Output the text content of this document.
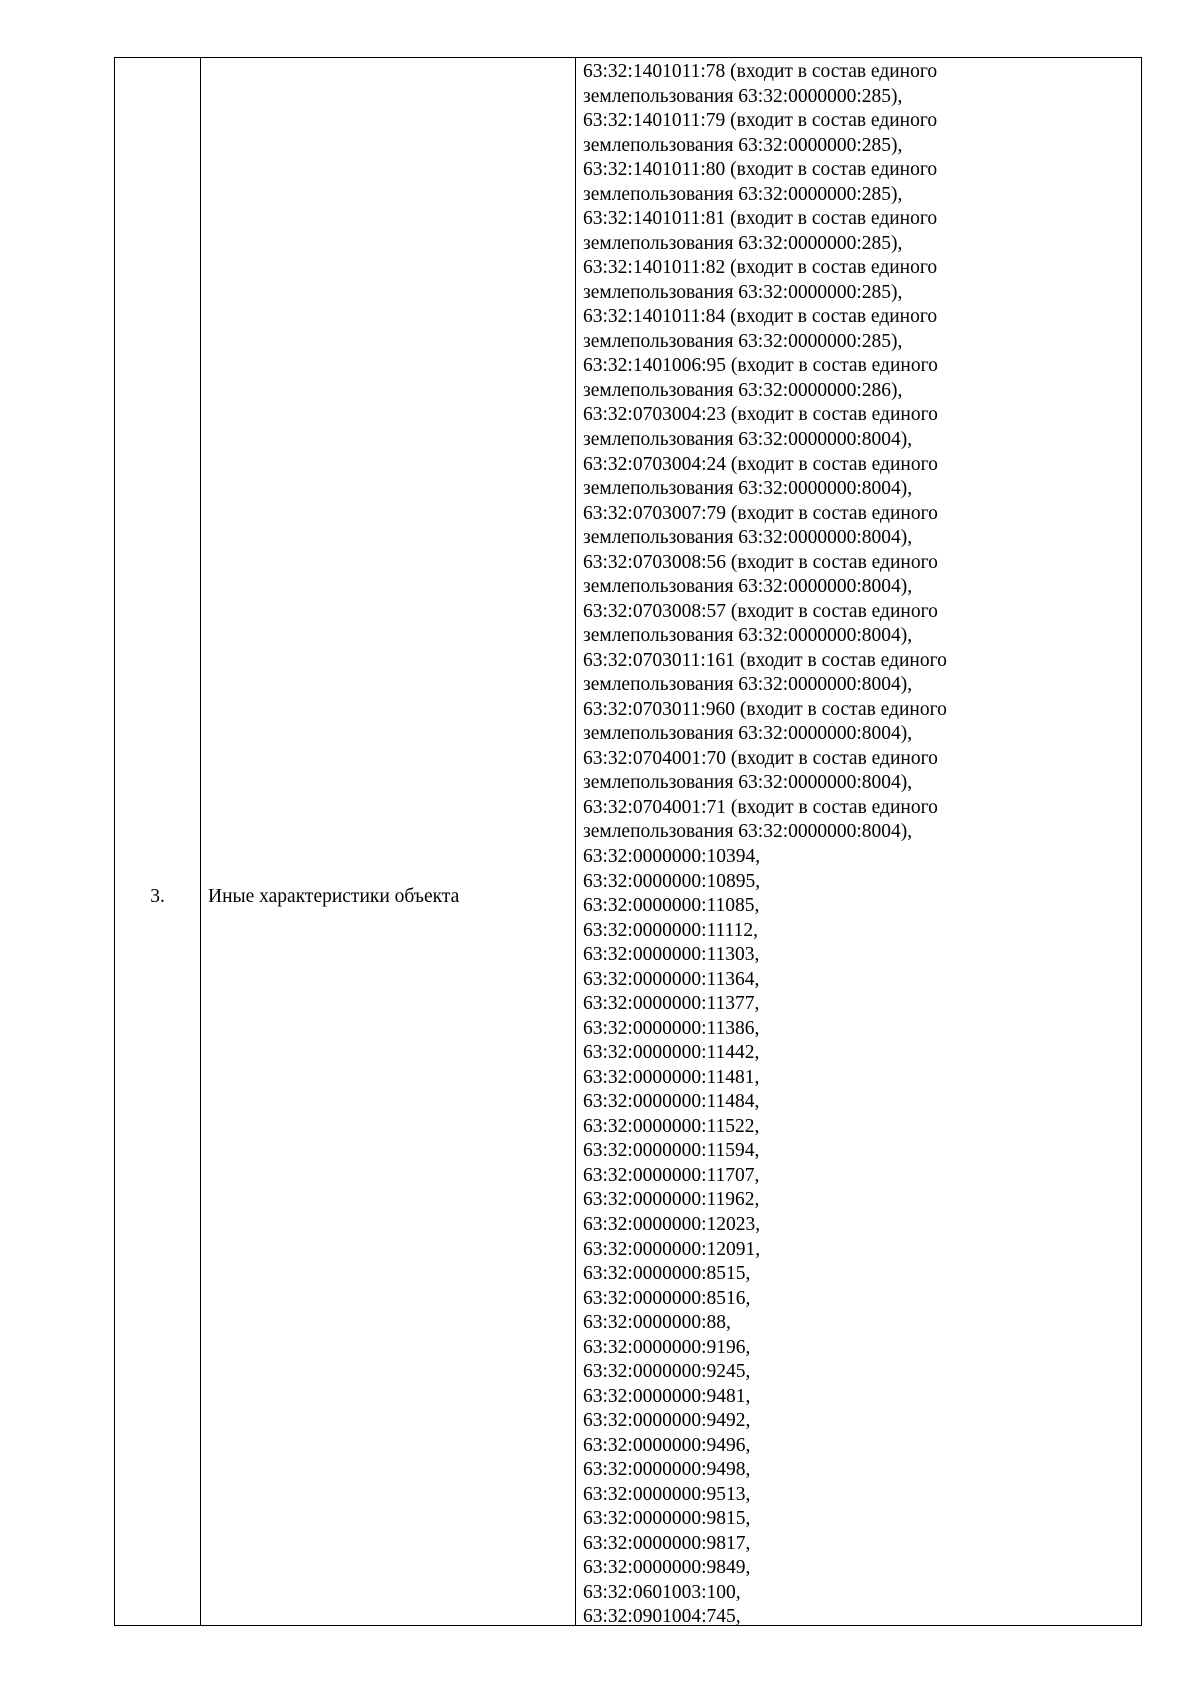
3.	Иные характеристики объекта
63:32:1401011:78 (входит в состав единого
землепользования 63:32:0000000:285),
63:32:1401011:79 (входит в состав единого
землепользования 63:32:0000000:285),
63:32:1401011:80 (входит в состав единого
землепользования 63:32:0000000:285),
63:32:1401011:81 (входит в состав единого
землепользования 63:32:0000000:285),
63:32:1401011:82 (входит в состав единого
землепользования 63:32:0000000:285),
63:32:1401011:84 (входит в состав единого
землепользования 63:32:0000000:285),
63:32:1401006:95 (входит в состав единого
землепользования 63:32:0000000:286),
63:32:0703004:23 (входит в состав единого
землепользования 63:32:0000000:8004),
63:32:0703004:24 (входит в состав единого
землепользования 63:32:0000000:8004),
63:32:0703007:79 (входит в состав единого
землепользования 63:32:0000000:8004),
63:32:0703008:56 (входит в состав единого
землепользования 63:32:0000000:8004),
63:32:0703008:57 (входит в состав единого
землепользования 63:32:0000000:8004),
63:32:0703011:161 (входит в состав единого
землепользования 63:32:0000000:8004),
63:32:0703011:960 (входит в состав единого
землепользования 63:32:0000000:8004),
63:32:0704001:70 (входит в состав единого
землепользования 63:32:0000000:8004),
63:32:0704001:71 (входит в состав единого
землепользования 63:32:0000000:8004),
63:32:0000000:10394,
63:32:0000000:10895,
63:32:0000000:11085,
63:32:0000000:11112,
63:32:0000000:11303,
63:32:0000000:11364,
63:32:0000000:11377,
63:32:0000000:11386,
63:32:0000000:11442,
63:32:0000000:11481,
63:32:0000000:11484,
63:32:0000000:11522,
63:32:0000000:11594,
63:32:0000000:11707,
63:32:0000000:11962,
63:32:0000000:12023,
63:32:0000000:12091,
63:32:0000000:8515,
63:32:0000000:8516,
63:32:0000000:88,
63:32:0000000:9196,
63:32:0000000:9245,
63:32:0000000:9481,
63:32:0000000:9492,
63:32:0000000:9496,
63:32:0000000:9498,
63:32:0000000:9513,
63:32:0000000:9815,
63:32:0000000:9817,
63:32:0000000:9849,
63:32:0601003:100,
63:32:0901004:745,
